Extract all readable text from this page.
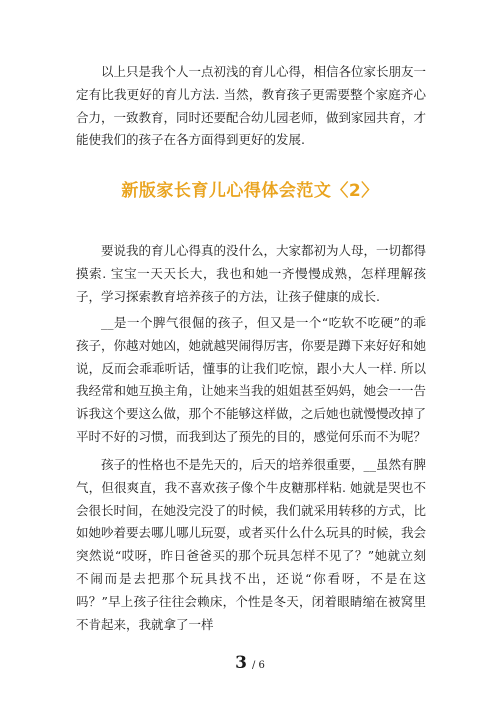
以上只是我个人一点初浅的育儿心得，相信各位家长朋友一定有比我更好的育儿方法. 当然，教育孩子更需要整个家庭齐心合力，一致教育，同时还要配合幼儿园老师，做到家园共育，才能使我们的孩子在各方面得到更好的发展.

新版家长育儿心得体会范文〈2〉

要说我的育儿心得真的没什么，大家都初为人母，一切都得摸索. 宝宝一天天长大，我也和她一齐慢慢成熟，怎样理解孩子，学习探索教育培养孩子的方法，让孩子健康的成长.

__是一个脾气很倔的孩子，但又是一个“吃软不吃硬”的乖孩子，你越对她凶，她就越哭闹得厉害，你要是蹲下来好好和她说，反而会乖乖听话，懂事的让我们吃惊，跟小大人一样. 所以我经常和她互换主角，让她来当我的姐姐甚至妈妈，她会一一告诉我这个要这么做，那个不能够这样做，之后她也就慢慢改掉了平时不好的习惯，而我到达了预先的目的，感觉何乐而不为呢？

孩子的性格也不是先天的，后天的培养很重要，__虽然有脾气，但很爽直，我不喜欢孩子像个牛皮糖那样粘. 她就是哭也不会很长时间，在她没完没了的时候，我们就采用转移的方式，比如她吵着要去哪儿哪儿玩耍，或者买什么什么玩具的时候，我会突然说“哎呀，昨日爸爸买的那个玩具怎样不见了？”她就立刻不闹而是去把那个玩具找不出，还说“你看呀，不是在这吗？”早上孩子往往会赖床，个性是冬天，闭着眼睛缩在被窝里不肯起来，我就拿了一样

3 / 6
